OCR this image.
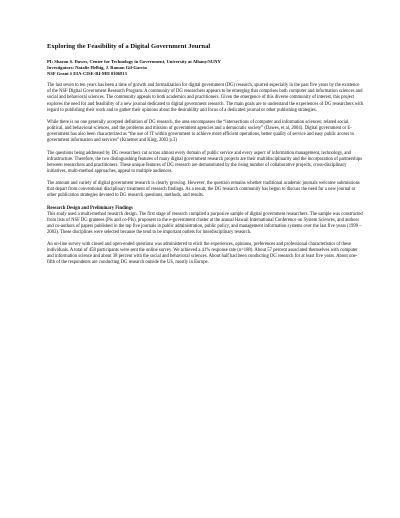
Exploring the Feasibility of a Digital Government Journal
PI: Sharon S. Dawes, Center for Technology in Government, University at Albany/SUNY
Investigators: Natalie Helbig, J. Ramon Gil-Garcia
NSF Grant # EIA-CISE-RI-MII 0306813

The last seven to ten years has been a time of growth and formalization for digital government (DG) research, spurred especially in the past five years by the existence of the NSF Digital Government Research Program. A community of DG researchers appears to be emerging that comprises both computer and information sciences and social and behavioral sciences. The community appeals to both academics and practitioners. Given the emergence of this diverse community of interest, this project explores the need for and feasibility of a new journal dedicated to digital government research. The main goals are to understand the experiences of DG researchers with regard to publishing their work and to gather their opinions about the desirability and focus of a dedicated journal or other publishing strategies.

While there is no one generally accepted definition of DG research, the area encompasses the “intersections of computer and information sciences; related social, political, and behavioral sciences, and the problems and mission of government agencies and a democratic society” (Dawes, et al, 2004). Digital government or E-government has also been characterized as “the use of IT within government to achieve more efficient operations, better quality of service and easy public access to government information and services” (Kraemer and King, 2003 p.3)

The questions being addressed by DG researchers cut across almost every domain of public service and every aspect of information management, technology, and infrastructure. Therefore, the two distinguishing features of many digital government research projects are their multidisciplinarity and the incorporation of partnerships between researchers and practitioners. These unique features of DG research are demonstrated by the rising number of collaborative projects, cross-disciplinary initiatives, multi-method approaches, appeal to multiple audiences.

The amount and variety of digital government research is clearly growing. However, the question remains whether traditional academic journals welcome submissions that depart from conventional disciplinary treatment of research findings. As a result, the DG research community has begun to discuss the need for a new journal or other publication strategies devoted to DG research questions, methods, and results.

Research Design and Preliminary Findings

This study used a multi-method research design. The first stage of research compiled a purposive sample of digital government researchers. The sample was constructed from lists of NSF DG grantees (Pis and co-PIs), proposers to the e-government cluster at the annual Hawaii International Conference on System Sciences, and authors and co-authors of papers published in the top five journals in public administration, public policy, and management information systems over the last five years (1999 – 2003). These disciplines were selected because the tend to be important outlets for interdisciplinary research.

An on-line survey with closed and open-ended questions was administered to elicit the experiences, opinions, preferences and professional characteristics of these individuals. A total of 458 participants were sent the online survey. We achieved a 41% response rate (n=188). About 57 percent associated themselves with computer and information science and about 38 percent with the social and behavioral sciences. About half had been conducting DG research for at least five years. About one-fifth of the respondents are conducting DG research outside the US, mostly in Europe.
